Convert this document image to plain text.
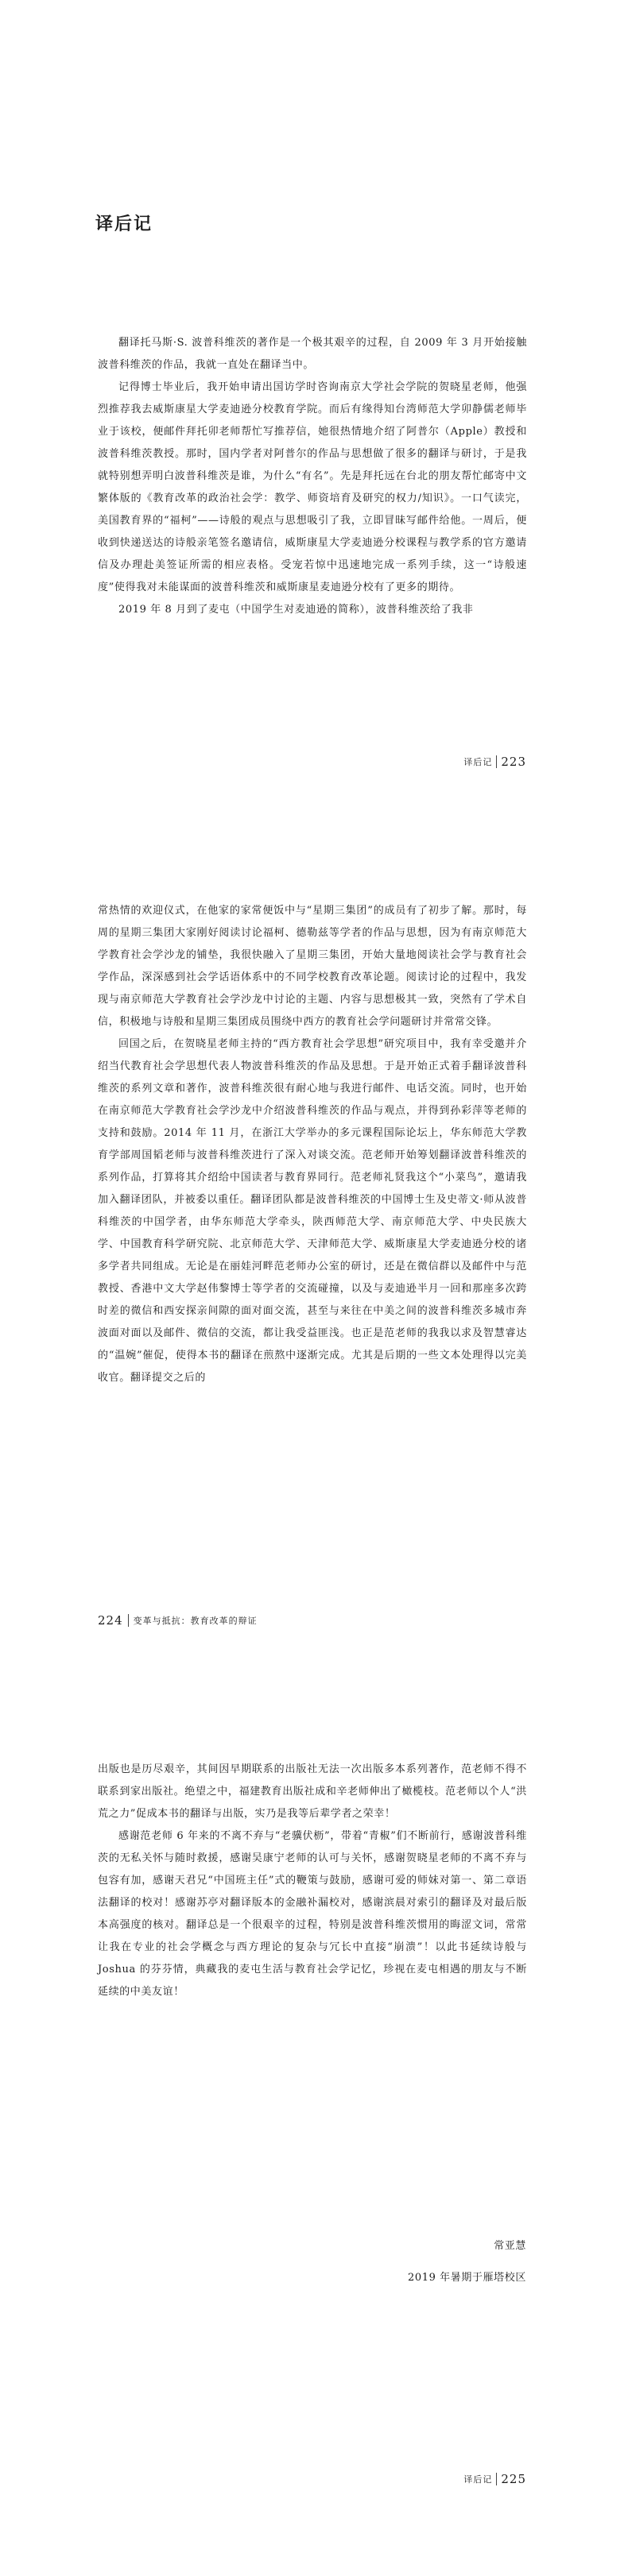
译后记

翻译托马斯·S. 波普科维茨的著作是一个极其艰辛的过程，自 2009 年 3 月开始接触波普科维茨的作品，我就一直处在翻译当中。

记得博士毕业后，我开始申请出国访学时咨询南京大学社会学院的贺晓星老师，他强烈推荐我去威斯康星大学麦迪逊分校教育学院。而后有缘得知台湾师范大学卯静儒老师毕业于该校，便邮件拜托卯老师帮忙写推荐信，她很热情地介绍了阿普尔（Apple）教授和波普科维茨教授。那时，国内学者对阿普尔的作品与思想做了很多的翻译与研讨，于是我就特别想弄明白波普科维茨是谁，为什么“有名”。先是拜托远在台北的朋友帮忙邮寄中文繁体版的《教育改革的政治社会学：教学、师资培育及研究的权力/知识》。一口气读完，美国教育界的“福柯”——诗般的观点与思想吸引了我，立即冒昧写邮件给他。一周后，便收到快递送达的诗般亲笔签名邀请信，威斯康星大学麦迪逊分校课程与教学系的官方邀请信及办理赴美签证所需的相应表格。受宠若惊中迅速地完成一系列手续，这一“诗般速度”使得我对未能谋面的波普科维茨和威斯康星麦迪逊分校有了更多的期待。

2019 年 8 月到了麦屯（中国学生对麦迪逊的简称），波普科维茨给了我非

译后记 223

常热情的欢迎仪式，在他家的家常便饭中与“星期三集团”的成员有了初步了解。那时，每周的星期三集团大家刚好阅读讨论福柯、德勒兹等学者的作品与思想，因为有南京师范大学教育社会学沙龙的铺垫，我很快融入了星期三集团，开始大量地阅读社会学与教育社会学作品，深深感到社会学话语体系中的不同学校教育改革论题。阅读讨论的过程中，我发现与南京师范大学教育社会学沙龙中讨论的主题、内容与思想极其一致，突然有了学术自信，积极地与诗般和星期三集团成员围绕中西方的教育社会学问题研讨并常常交锋。

回国之后，在贺晓星老师主持的“西方教育社会学思想”研究项目中，我有幸受邀并介绍当代教育社会学思想代表人物波普科维茨的作品及思想。于是开始正式着手翻译波普科维茨的系列文章和著作，波普科维茨很有耐心地与我进行邮件、电话交流。同时，也开始在南京师范大学教育社会学沙龙中介绍波普科维茨的作品与观点，并得到孙彩萍等老师的支持和鼓励。2014 年 11 月，在浙江大学举办的多元课程国际论坛上，华东师范大学教育学部周国韬老师与波普科维茨进行了深入对谈交流。范老师开始筹划翻译波普科维茨的系列作品，打算将其介绍给中国读者与教育界同行。范老师礼贤我这个“小菜鸟”，邀请我加入翻译团队，并被委以重任。翻译团队都是波普科维茨的中国博士生及史蒂文·师从波普科维茨的中国学者，由华东师范大学牵头，陕西师范大学、南京师范大学、中央民族大学、中国教育科学研究院、北京师范大学、天津师范大学、威斯康星大学麦迪逊分校的诸多学者共同组成。无论是在丽娃河畔范老师办公室的研讨，还是在微信群以及邮件中与范教授、香港中文大学赵伟黎博士等学者的交流碰撞，以及与麦迪逊半月一回和那座多次跨时差的微信和西安探亲间隙的面对面交流，甚至与来往在中美之间的波普科维茨多城市奔波面对面以及邮件、微信的交流，都让我受益匪浅。也正是范老师的我我以求及智慧睿达的“温婉”催促，使得本书的翻译在煎熬中逐渐完成。尤其是后期的一些文本处理得以完美收官。翻译提交之后的

224 变革与抵抗：教育改革的辩证

出版也是历尽艰辛，其间因早期联系的出版社无法一次出版多本系列著作，范老师不得不联系到家出版社。绝望之中，福建教育出版社成和辛老师伸出了橄榄枝。范老师以个人“洪荒之力”促成本书的翻译与出版，实乃是我等后辈学者之荣幸！

感谢范老师 6 年来的不离不弃与“老骥伏枥”，带着“青椒”们不断前行，感谢波普科维茨的无私关怀与随时救援，感谢吴康宁老师的认可与关怀，感谢贺晓星老师的不离不弃与包容有加，感谢天君兄“中国班主任”式的鞭策与鼓励，感谢可爱的师妹对第一、第二章语法翻译的校对！感谢苏亭对翻译版本的金融补漏校对，感谢滨晨对索引的翻译及对最后版本高强度的核对。翻译总是一个很艰辛的过程，特别是波普科维茨惯用的晦涩文词，常常让我在专业的社会学概念与西方理论的复杂与冗长中直接“崩溃”！以此书延续诗般与 Joshua 的芬芬情，典藏我的麦屯生活与教育社会学记忆，珍视在麦屯相遇的朋友与不断延续的中美友谊！

常亚慧
2019 年暑期于雁塔校区
译后记 225
